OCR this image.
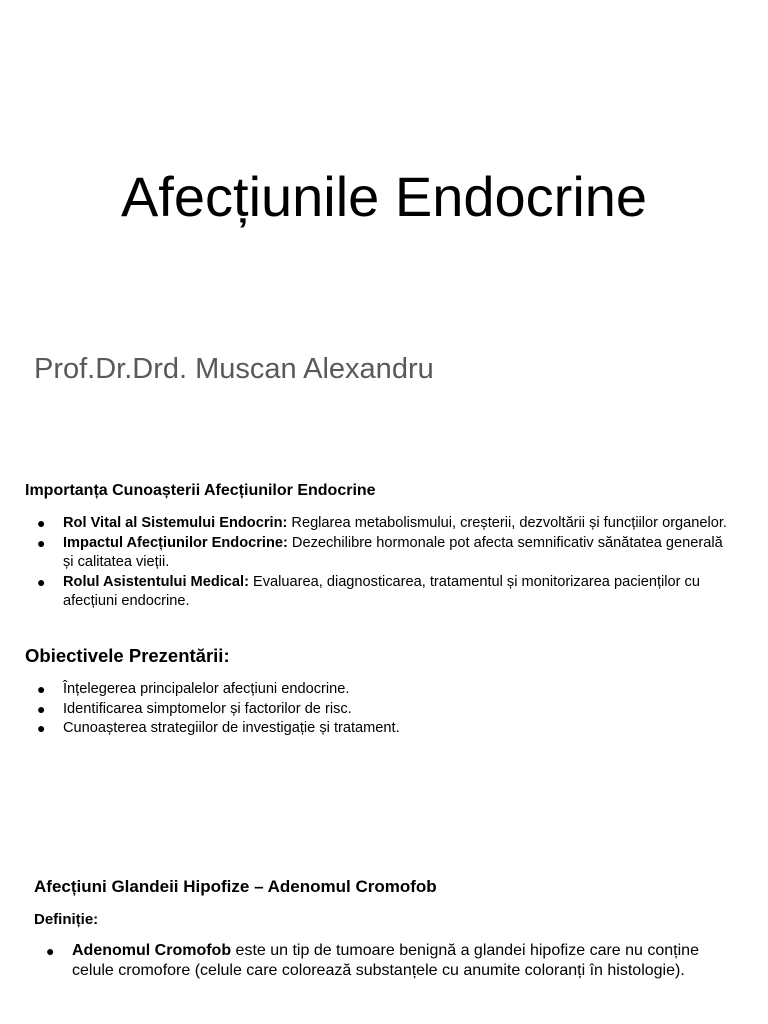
Afecțiunile Endocrine
Prof.Dr.Drd. Muscan Alexandru
Importanța Cunoașterii Afecțiunilor Endocrine
● Rol Vital al Sistemului Endocrin: Reglarea metabolismului, creșterii, dezvoltării și funcțiilor organelor.
● Impactul Afecțiunilor Endocrine: Dezechilibre hormonale pot afecta semnificativ sănătatea generală și calitatea vieții.
● Rolul Asistentului Medical: Evaluarea, diagnosticarea, tratamentul și monitorizarea pacienților cu afecțiuni endocrine.
Obiectivele Prezentării:
● Înțelegerea principalelor afecțiuni endocrine.
● Identificarea simptomelor și factorilor de risc.
● Cunoașterea strategiilor de investigație și tratament.
Afecțiuni Glandeii Hipofize – Adenomul Cromofob
Definiție:
● Adenomul Cromofob este un tip de tumoare benignă a glandei hipofize care nu conține celule cromofore (celule care colorează substanțele cu anumite coloranți în histologie).
